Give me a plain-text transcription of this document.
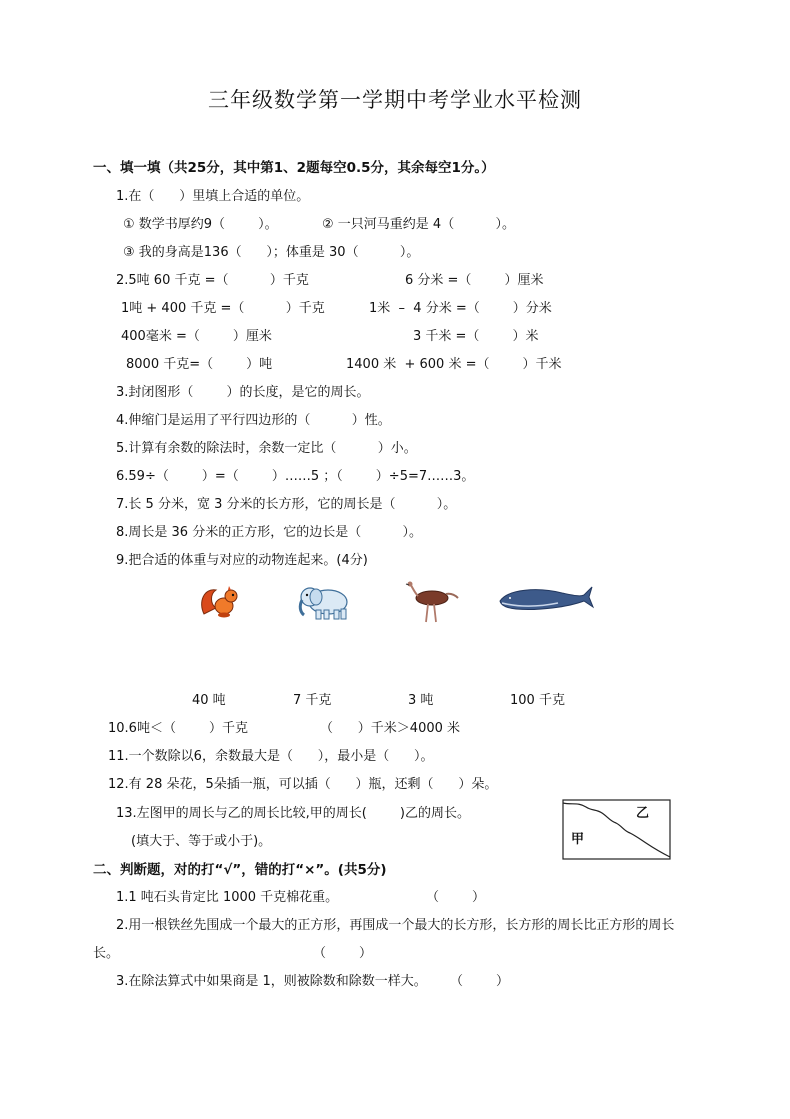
三年级数学第一学期中考学业水平检测
一、填一填（共25分，其中第1、2题每空0.5分，其余每空1分。）
1.在（      ）里填上合适的单位。
① 数学书厚约9（        ）。	② 一只河马重约是 4（          ）。
③ 我的身高是136（      ）；体重是 30（          ）。
2.5吨 60 千克 =（          ）千克	6 分米 =（        ）厘米
1吨 + 400 千克 =（          ）千克	1米  –  4 分米 =（        ）分米
400毫米 =（        ）厘米	3 千米 =（        ）米
8000 千克=（        ）吨	1400 米  + 600 米 =（        ）千米
3.封闭图形（        ）的长度，是它的周长。
4.伸缩门是运用了平行四边形的（          ）性。
5.计算有余数的除法时，余数一定比（          ）小。
6.59÷（        ）=（        ）……5 ；（        ）÷5=7……3。
7.长 5 分米，宽 3 分米的长方形，它的周长是（          ）。
8.周长是 36 分米的正方形，它的边长是（          ）。
9.把合适的体重与对应的动物连起来。(4分)
40 吨	7 千克	3 吨	100 千克
10.6吨＜（        ）千克	（      ）千米＞4000 米
11.一个数除以6，余数最大是（      ），最小是（      ）。
12.有 28 朵花，5朵插一瓶，可以插（      ）瓶，还剩（      ）朵。
13.左图甲的周长与乙的周长比较,甲的周长(        )乙的周长。
(填大于、等于或小于)。	甲
乙
二、判断题，对的打“√”，错的打“×”。(共5分)
1.1 吨石头肯定比 1000 千克棉花重。	（        ）
2.用一根铁丝先围成一个最大的正方形，再围成一个最大的长方形，长方形的周长比正方形的周长
长。	（        ）
3.在除法算式中如果商是 1，则被除数和除数一样大。 （        ）
